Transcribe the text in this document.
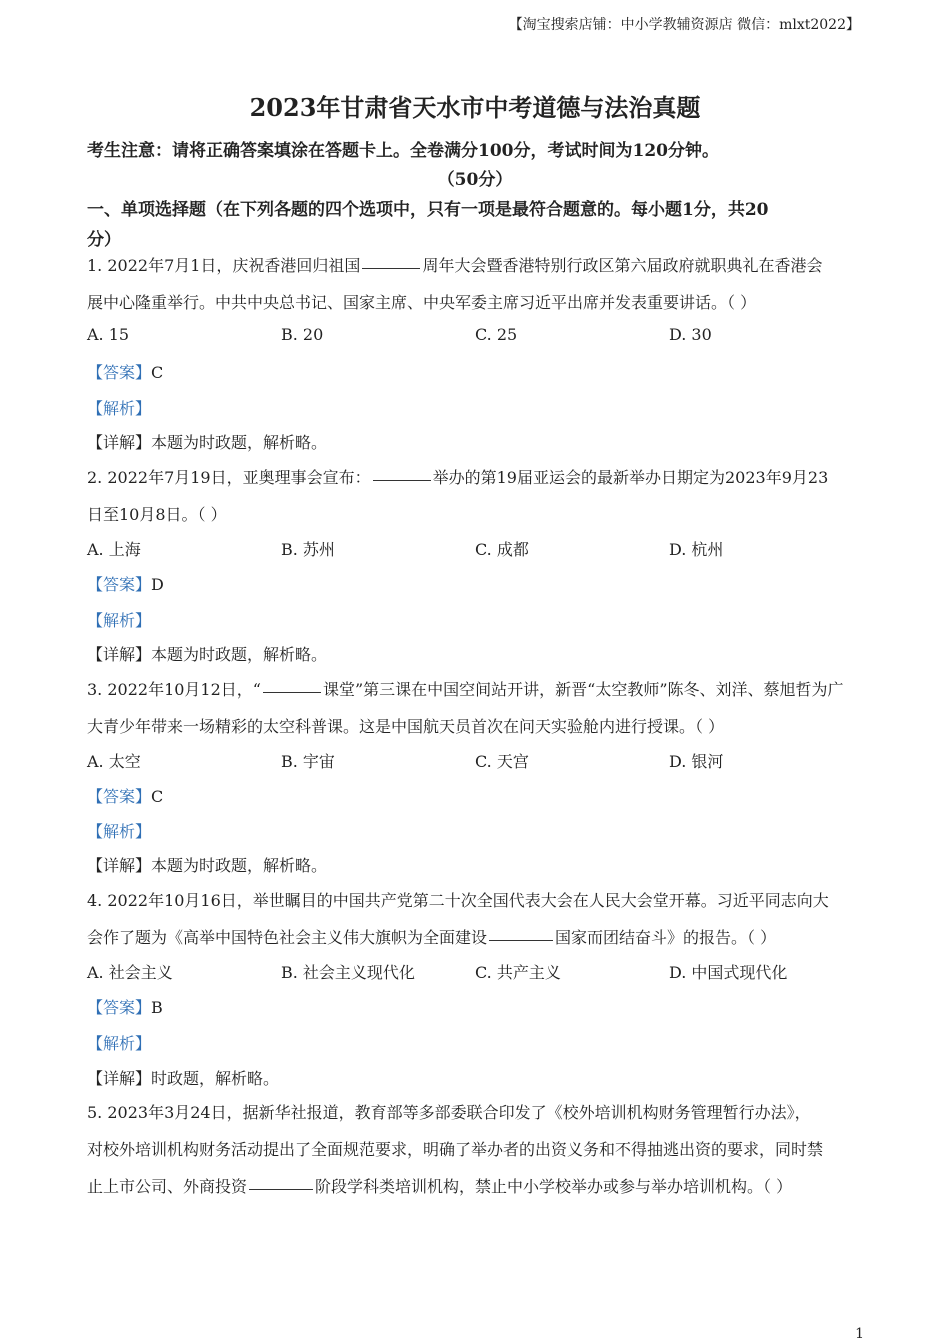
【淘宝搜索店铺：中小学教辅资源店 微信：mlxt2022】
2023年甘肃省天水市中考道德与法治真题
考生注意：请将正确答案填涂在答题卡上。全卷满分100分，考试时间为120分钟。
（50分）
一、单项选择题（在下列各题的四个选项中，只有一项是最符合题意的。每小题1分，共20
分）
1. 2022年7月1日，庆祝香港回归祖国	周年大会暨香港特别行政区第六届政府就职典礼在香港会
展中心隆重举行。中共中央总书记、国家主席、中央军委主席习近平出席并发表重要讲话。（ ）
A. 15	B. 20	C. 25	D. 30
【答案】C
【解析】
【详解】本题为时政题，解析略。
2. 2022年7月19日，亚奥理事会宣布：	举办的第19届亚运会的最新举办日期定为2023年9月23
日至10月8日。（ ）
A. 上海	B. 苏州	C. 成都	D. 杭州
【答案】D
【解析】
【详解】本题为时政题，解析略。
3. 2022年10月12日，“	课堂”第三课在中国空间站开讲，新晋“太空教师”陈冬、刘洋、蔡旭哲为广
大青少年带来一场精彩的太空科普课。这是中国航天员首次在问天实验舱内进行授课。（ ）
A. 太空	B. 宇宙	C. 天宫	D. 银河
【答案】C
【解析】
【详解】本题为时政题，解析略。
4. 2022年10月16日，举世瞩目的中国共产党第二十次全国代表大会在人民大会堂开幕。习近平同志向大
会作了题为《高举中国特色社会主义伟大旗帜为全面建设	国家而团结奋斗》的报告。（ ）
A. 社会主义	B. 社会主义现代化	C. 共产主义	D. 中国式现代化
【答案】B
【解析】
【详解】时政题，解析略。
5. 2023年3月24日，据新华社报道，教育部等多部委联合印发了《校外培训机构财务管理暂行办法》，
对校外培训机构财务活动提出了全面规范要求，明确了举办者的出资义务和不得抽逃出资的要求，同时禁
止上市公司、外商投资	阶段学科类培训机构，禁止中小学校举办或参与举办培训机构。（ ）
1
